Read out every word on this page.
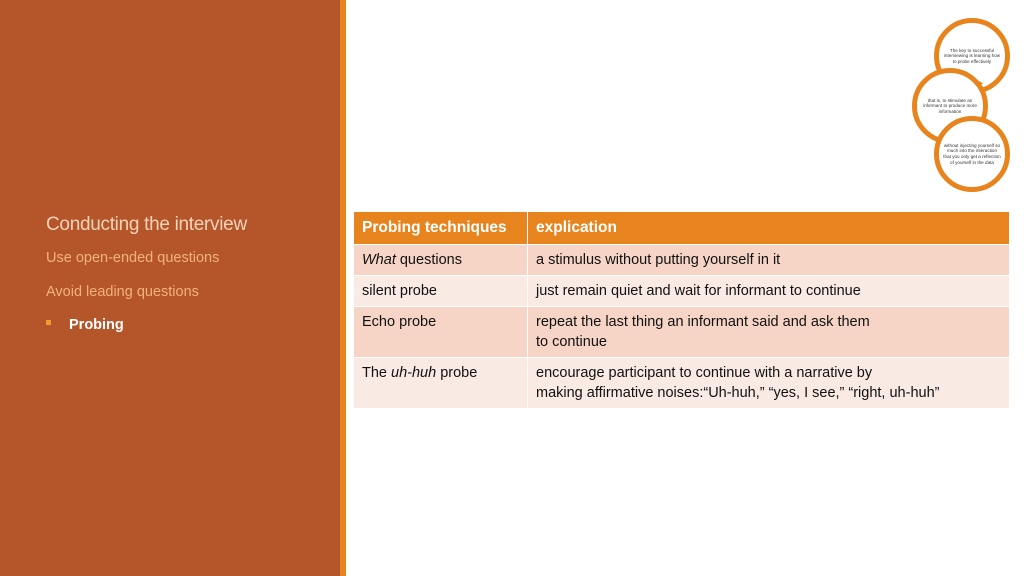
Conducting the interview
Use open-ended questions
Avoid leading questions
Probing
The key to successful interviewing is learning how to probe effectively
that is, to stimulate an informant to produce more information
without injecting yourself so much into the interaction that you only get a reflection of yourself in the data
Probing techniques	explication
What questions	a stimulus without putting yourself in it
silent probe	just remain quiet and wait for informant to continue
Echo probe	repeat the last thing an informant said and ask them
to continue
The uh-huh probe	encourage participant to continue with a narrative by
making affirmative noises:“Uh-huh,” “yes, I see,” “right, uh-huh”
